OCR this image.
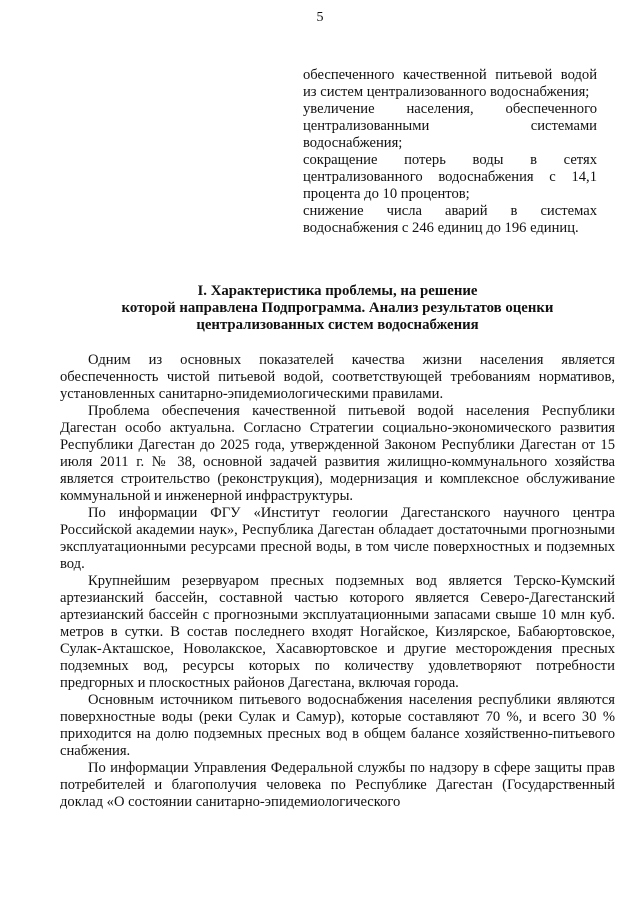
5

обеспеченного качественной питьевой водой из систем централизованного водоснабжения;

увеличение населения, обеспеченного централизованными системами водоснабжения;

сокращение потерь воды в сетях централизованного водоснабжения с 14,1 процента до 10 процентов;

снижение числа аварий в системах водоснабжения с 246 единиц до 196 единиц.

I. Характеристика проблемы, на решение
которой направлена Подпрограмма. Анализ результатов оценки
централизованных систем водоснабжения

Одним из основных показателей качества жизни населения является обеспеченность чистой питьевой водой, соответствующей требованиям нормативов, установленных санитарно-эпидемиологическими правилами.

Проблема обеспечения качественной питьевой водой населения Республики Дагестан особо актуальна. Согласно Стратегии социально-экономического развития Республики Дагестан до 2025 года, утвержденной Законом Республики Дагестан от 15 июля 2011 г. № 38, основной задачей развития жилищно-коммунального хозяйства является строительство (реконструкция), модернизация и комплексное обслуживание коммунальной и инженерной инфраструктуры.

По информации ФГУ «Институт геологии Дагестанского научного центра Российской академии наук», Республика Дагестан обладает достаточными прогнозными эксплуатационными ресурсами пресной воды, в том числе поверхностных и подземных вод.

Крупнейшим резервуаром пресных подземных вод является Терско-Кумский артезианский бассейн, составной частью которого является Северо-Дагестанский артезианский бассейн с прогнозными эксплуатационными запасами свыше 10 млн куб. метров в сутки. В состав последнего входят Ногайское, Кизлярское, Бабаюртовское, Сулак-Акташское, Новолакское, Хасавюртовское и другие месторождения пресных подземных вод, ресурсы которых по количеству удовлетворяют потребности предгорных и плоскостных районов Дагестана, включая города.

Основным источником питьевого водоснабжения населения республики являются поверхностные воды (реки Сулак и Самур), которые составляют 70 %, и всего 30 % приходится на долю подземных пресных вод в общем балансе хозяйственно-питьевого снабжения.

По информации Управления Федеральной службы по надзору в сфере защиты прав потребителей и благополучия человека по Республике Дагестан (Государственный доклад «О состоянии санитарно-эпидемиологического
